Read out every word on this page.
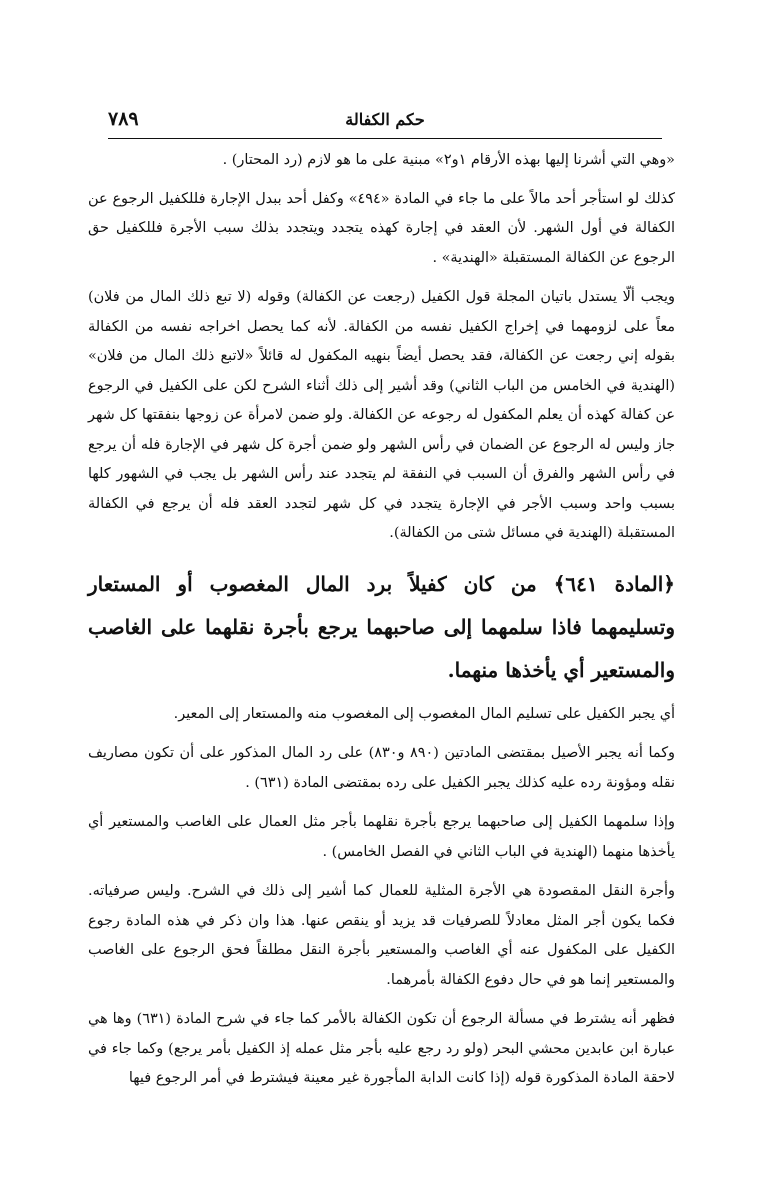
٧٨٩	حكم الكفالة

«وهي التي أشرنا إليها بهذه الأرقام ١و٢» مبنية على ما هو لازم (رد المحتار) .

كذلك لو استأجر أحد مالاً على ما جاء في المادة «٤٩٤» وكفل أحد ببدل الإجارة فللكفيل الرجوع عن الكفالة في أول الشهر. لأن العقد في إجارة كهذه يتجدد ويتجدد بذلك سبب الأجرة فللكفيل حق الرجوع عن الكفالة المستقبلة «الهندية» .

ويجب ألّا يستدل باتيان المجلة قول الكفيل (رجعت عن الكفالة) وقوله (لا تبع ذلك المال من فلان) معاً على لزومهما في إخراج الكفيل نفسه من الكفالة. لأنه كما يحصل اخراجه نفسه من الكفالة بقوله إني رجعت عن الكفالة، فقد يحصل أيضاً بنهيه المكفول له قائلاً «لاتبع ذلك المال من فلان» (الهندية في الخامس من الباب الثاني) وقد أشير إلى ذلك أثناء الشرح لكن على الكفيل في الرجوع عن كفالة كهذه أن يعلم المكفول له رجوعه عن الكفالة. ولو ضمن لامرأة عن زوجها بنفقتها كل شهر جاز وليس له الرجوع عن الضمان في رأس الشهر ولو ضمن أجرة كل شهر في الإجارة فله أن يرجع في رأس الشهر والفرق أن السبب في النفقة لم يتجدد عند رأس الشهر بل يجب في الشهور كلها بسبب واحد وسبب الأجر في الإجارة يتجدد في كل شهر لتجدد العقد فله أن يرجع في الكفالة المستقبلة (الهندية في مسائل شتى من الكفالة).

﴿المادة ٦٤١﴾ من كان كفيلاً برد المال المغصوب أو المستعار وتسليمهما فاذا سلمهما إلى صاحبهما يرجع بأجرة نقلهما على الغاصب والمستعير أي يأخذها منهما.

أي يجبر الكفيل على تسليم المال المغصوب إلى المغصوب منه والمستعار إلى المعير.

وكما أنه يجبر الأصيل بمقتضى المادتين (٨٩٠ و٨٣٠) على رد المال المذكور على أن تكون مصاريف نقله ومؤونة رده عليه كذلك يجبر الكفيل على رده بمقتضى المادة (٦٣١) .

وإذا سلمهما الكفيل إلى صاحبهما يرجع بأجرة نقلهما بأجر مثل العمال على الغاصب والمستعير أي يأخذها منهما (الهندية في الباب الثاني في الفصل الخامس) .

وأجرة النقل المقصودة هي الأجرة المثلية للعمال كما أشير إلى ذلك في الشرح. وليس صرفياته. فكما يكون أجر المثل معادلاً للصرفيات قد يزيد أو ينقص عنها. هذا وان ذكر في هذه المادة رجوع الكفيل على المكفول عنه أي الغاصب والمستعير بأجرة النقل مطلقاً فحق الرجوع على الغاصب والمستعير إنما هو في حال دفوع الكفالة بأمرهما.

فظهر أنه يشترط في مسألة الرجوع أن تكون الكفالة بالأمر كما جاء في شرح المادة (٦٣١) وها هي عبارة ابن عابدين محشي البحر (ولو رد رجع عليه بأجر مثل عمله إذ الكفيل بأمر يرجع) وكما جاء في لاحقة المادة المذكورة قوله (إذا كانت الدابة المأجورة غير معينة فيشترط في أمر الرجوع فيها
